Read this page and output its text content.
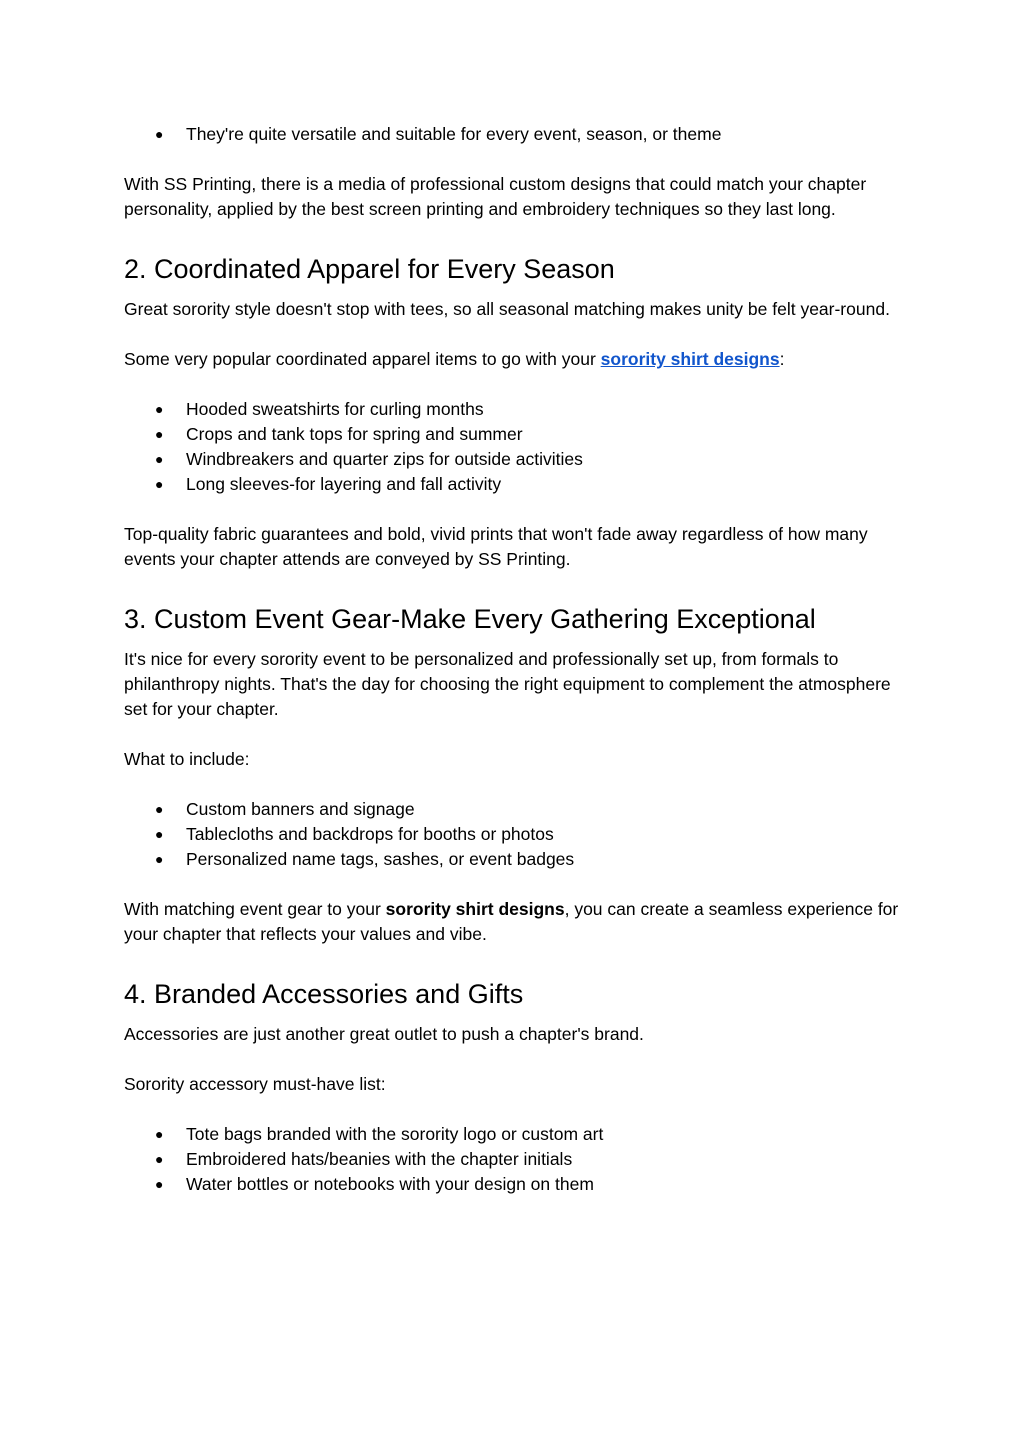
● They're quite versatile and suitable for every event, season, or theme

With SS Printing, there is a media of professional custom designs that could match your chapter personality, applied by the best screen printing and embroidery techniques so they last long.

2. Coordinated Apparel for Every Season

Great sorority style doesn't stop with tees, so all seasonal matching makes unity be felt year-round.

Some very popular coordinated apparel items to go with your sorority shirt designs:

● Hooded sweatshirts for curling months
● Crops and tank tops for spring and summer
● Windbreakers and quarter zips for outside activities
● Long sleeves-for layering and fall activity

Top-quality fabric guarantees and bold, vivid prints that won't fade away regardless of how many events your chapter attends are conveyed by SS Printing.

3. Custom Event Gear-Make Every Gathering Exceptional

It's nice for every sorority event to be personalized and professionally set up, from formals to philanthropy nights. That's the day for choosing the right equipment to complement the atmosphere set for your chapter.

What to include:

● Custom banners and signage
● Tablecloths and backdrops for booths or photos
● Personalized name tags, sashes, or event badges

With matching event gear to your sorority shirt designs, you can create a seamless experience for your chapter that reflects your values and vibe.

4. Branded Accessories and Gifts

Accessories are just another great outlet to push a chapter's brand.

Sorority accessory must-have list:

● Tote bags branded with the sorority logo or custom art
● Embroidered hats/beanies with the chapter initials
● Water bottles or notebooks with your design on them
